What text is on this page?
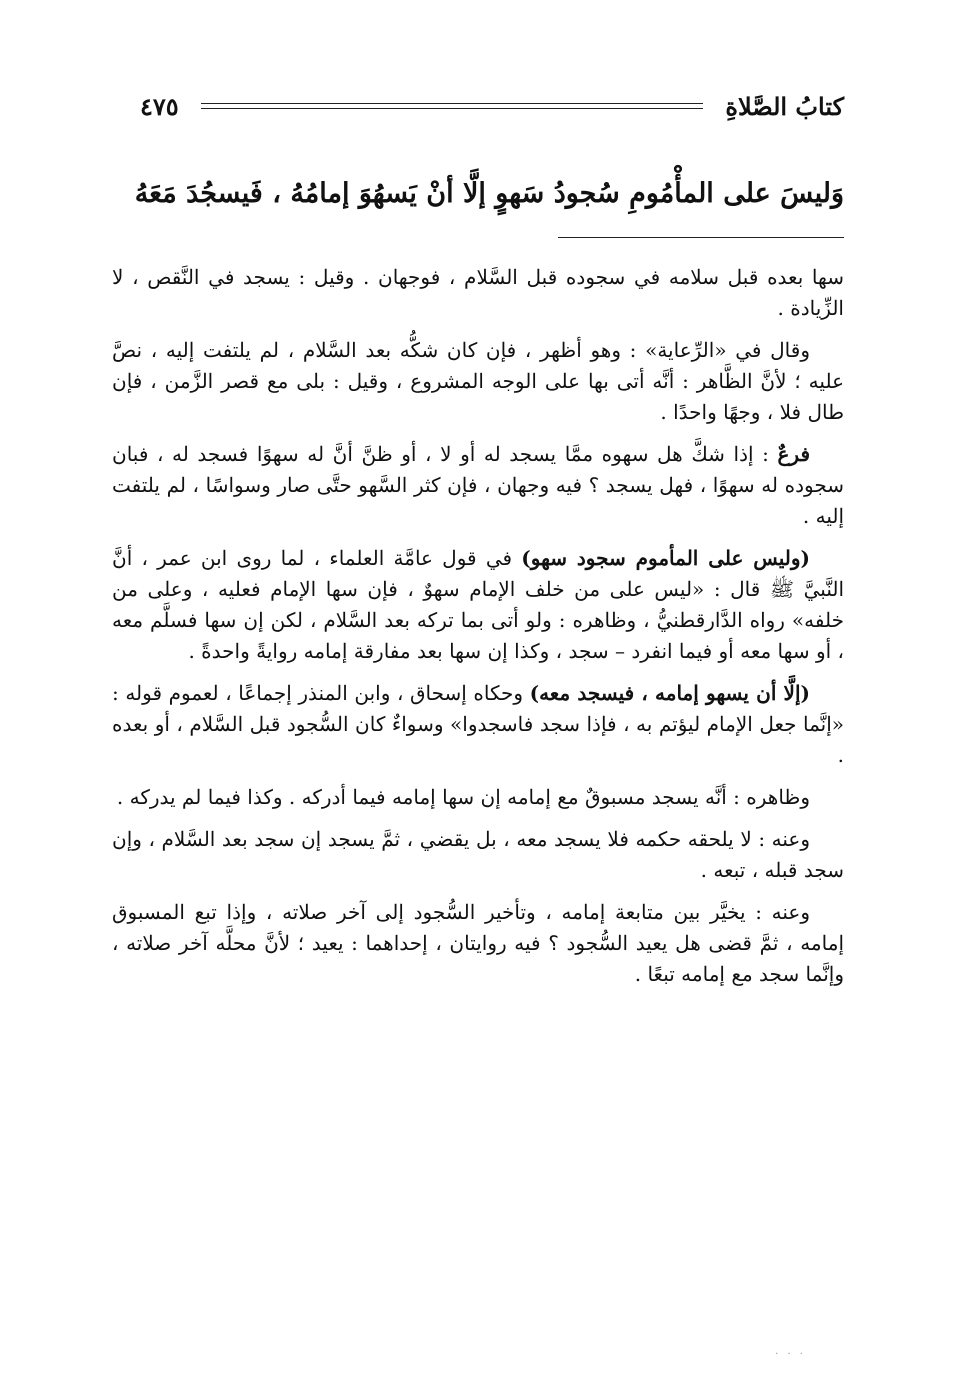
كتابُ الصَّلاةِ
٤٧٥
وَليسَ على المأْمُومِ سُجودُ سَهوٍ إلَّا أنْ يَسهُوَ إمامُهُ ، فَيسجُدَ مَعَهُ

سها بعده قبل سلامه في سجوده قبل السَّلام ، فوجهان . وقيل : يسجد في النَّقص ، لا الزِّيادة .

وقال في «الرِّعاية» : وهو أظهر ، فإن كان شكُّه بعد السَّلام ، لم يلتفت إليه ، نصَّ عليه ؛ لأنَّ الظَّاهر : أنَّه أتى بها على الوجه المشروع ، وقيل : بلى مع قصر الزَّمن ، فإن طال فلا ، وجهًا واحدًا .

فرعٌ : إذا شكَّ هل سهوه ممَّا يسجد له أو لا ، أو ظنَّ أنَّ له سهوًا فسجد له ، فبان سجوده له سهوًا ، فهل يسجد ؟ فيه وجهان ، فإن كثر السَّهو حتَّى صار وسواسًا ، لم يلتفت إليه .

(وليس على المأموم سجود سهو) في قول عامَّة العلماء ، لما روى ابن عمر ، أنَّ النَّبيَّ ﷺ قال : «ليس على من خلف الإمام سهوٌ ، فإن سها الإمام فعليه ، وعلى من خلفه» رواه الدَّارقطنيُّ ، وظاهره : ولو أتى بما تركه بعد السَّلام ، لكن إن سها فسلَّم معه ، أو سها معه أو فيما انفرد – سجد ، وكذا إن سها بعد مفارقة إمامه روايةً واحدةً .

(إلَّا أن يسهو إمامه ، فيسجد معه) وحكاه إسحاق ، وابن المنذر إجماعًا ، لعموم قوله : «إنَّما جعل الإمام ليؤتم به ، فإذا سجد فاسجدوا» وسواءٌ كان السُّجود قبل السَّلام ، أو بعده .

وظاهره : أنَّه يسجد مسبوقٌ مع إمامه إن سها إمامه فيما أدركه . وكذا فيما لم يدركه .

وعنه : لا يلحقه حكمه فلا يسجد معه ، بل يقضي ، ثمَّ يسجد إن سجد بعد السَّلام ، وإن سجد قبله ، تبعه .

وعنه : يخيَّر بين متابعة إمامه ، وتأخير السُّجود إلى آخر صلاته ، وإذا تبع المسبوق إمامه ، ثمَّ قضى هل يعيد السُّجود ؟ فيه روايتان ، إحداهما : يعيد ؛ لأنَّ محلَّه آخر صلاته ، وإنَّما سجد مع إمامه تبعًا .

· · ·
